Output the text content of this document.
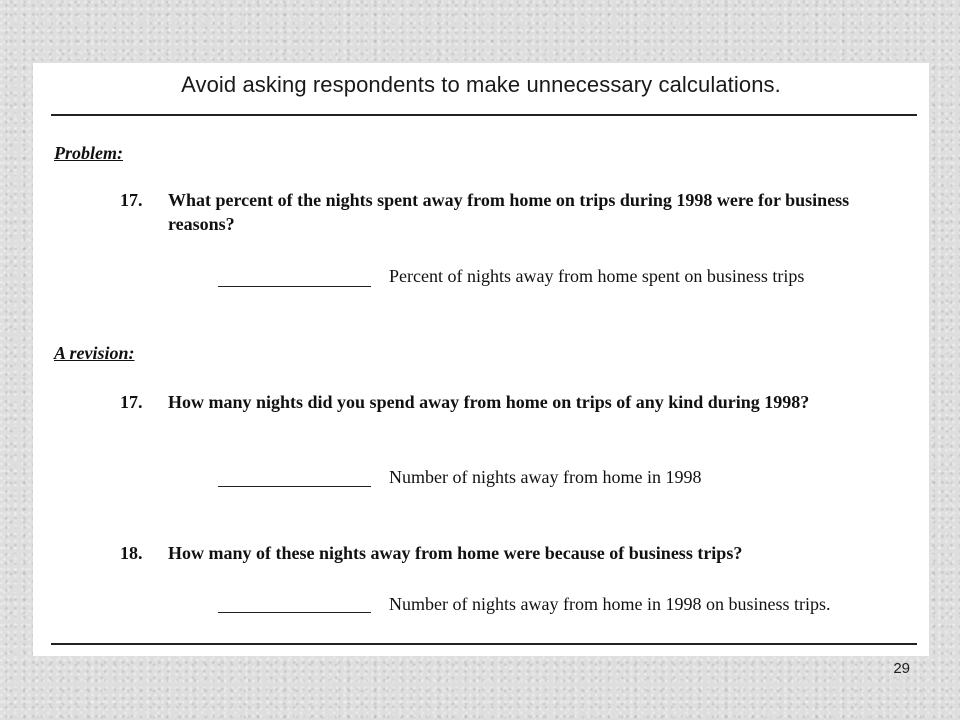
Avoid asking respondents to make unnecessary calculations.
Problem:
17. What percent of the nights spent away from home on trips during 1998 were for business reasons?
Percent of nights away from home spent on business trips
A revision:
17. How many nights did you spend away from home on trips of any kind during 1998?
Number of nights away from home in 1998
18. How many of these nights away from home were because of business trips?
Number of nights away from home in 1998 on business trips.
29
